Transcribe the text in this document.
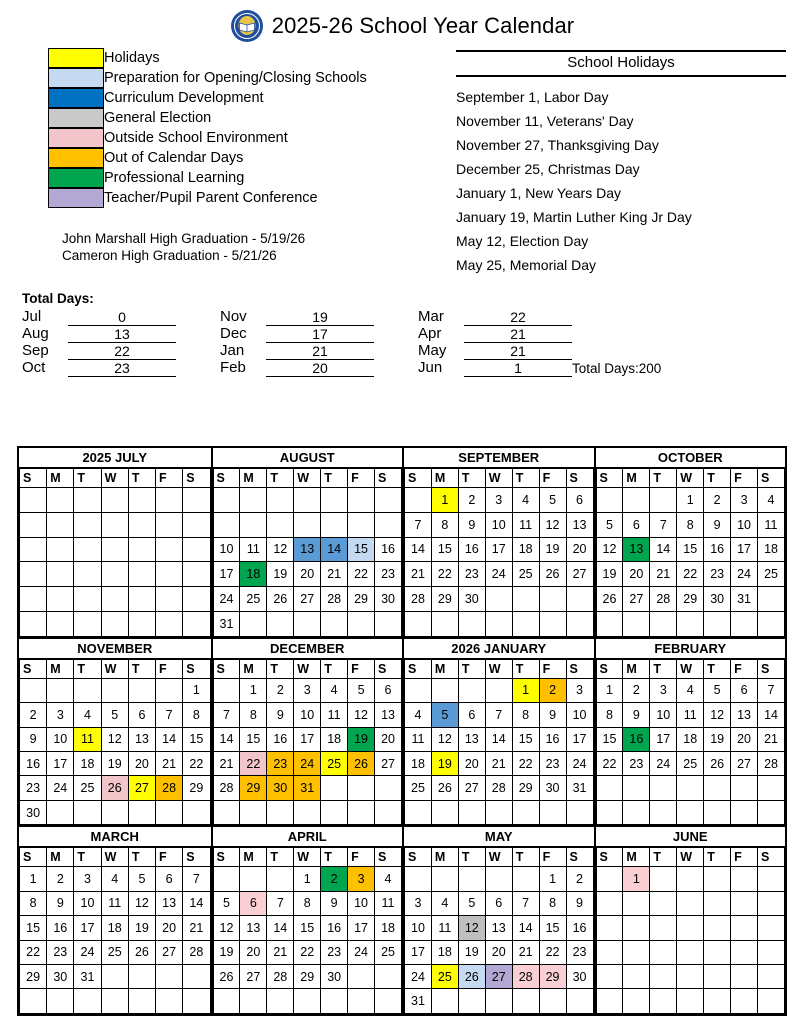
2025-26 School Year Calendar
	Holidays

	Preparation for Opening/Closing Schools

	Curriculum Development

	General Election

	Outside School Environment

	Out of Calendar Days

	Professional Learning

	Teacher/Pupil Parent Conference
John Marshall High Graduation - 5/19/26
Cameron High Graduation - 5/21/26
School Holidays
September 1, Labor Day
November 11, Veterans' Day
November 27, Thanksgiving Day
December 25, Christmas Day
January 1, New Years Day
January 19, Martin Luther King Jr Day
May 12, Election Day
May 25, Memorial Day
Total Days:
Jul	0		Nov	19		Mar	22		
Aug	13		Dec	17		Apr	21		
Sep	22		Jan	21		May	21		
Oct	23		Feb	20		Jun	1	Total Days:	200
2025 JULY
S	M	T	W	T	F	S

AUGUST
S	M	T	W	T	F	S

10	11	12	13	14	15	16
17	18	19	20	21	22	23
24	25	26	27	28	29	30
31						
SEPTEMBER
S	M	T	W	T	F	S
	1	2	3	4	5	6
7	8	9	10	11	12	13
14	15	16	17	18	19	20
21	22	23	24	25	26	27
28	29	30				

OCTOBER
S	M	T	W	T	F	S
			1	2	3	4
5	6	7	8	9	10	11
12	13	14	15	16	17	18
19	20	21	22	23	24	25
26	27	28	29	30	31	

NOVEMBER
S	M	T	W	T	F	S
						1
2	3	4	5	6	7	8
9	10	11	12	13	14	15
16	17	18	19	20	21	22
23	24	25	26	27	28	29
30						
DECEMBER
S	M	T	W	T	F	S
	1	2	3	4	5	6
7	8	9	10	11	12	13
14	15	16	17	18	19	20
21	22	23	24	25	26	27
28	29	30	31			

2026 JANUARY
S	M	T	W	T	F	S
				1	2	3
4	5	6	7	8	9	10
11	12	13	14	15	16	17
18	19	20	21	22	23	24
25	26	27	28	29	30	31

FEBRUARY
S	M	T	W	T	F	S
1	2	3	4	5	6	7
8	9	10	11	12	13	14
15	16	17	18	19	20	21
22	23	24	25	26	27	28

MARCH
S	M	T	W	T	F	S
1	2	3	4	5	6	7
8	9	10	11	12	13	14
15	16	17	18	19	20	21
22	23	24	25	26	27	28
29	30	31				

APRIL
S	M	T	W	T	F	S
			1	2	3	4
5	6	7	8	9	10	11
12	13	14	15	16	17	18
19	20	21	22	23	24	25
26	27	28	29	30		

MAY
S	M	T	W	T	F	S
					1	2
3	4	5	6	7	8	9
10	11	12	13	14	15	16
17	18	19	20	21	22	23
24	25	26	27	28	29	30
31						
JUNE
S	M	T	W	T	F	S
	1					
